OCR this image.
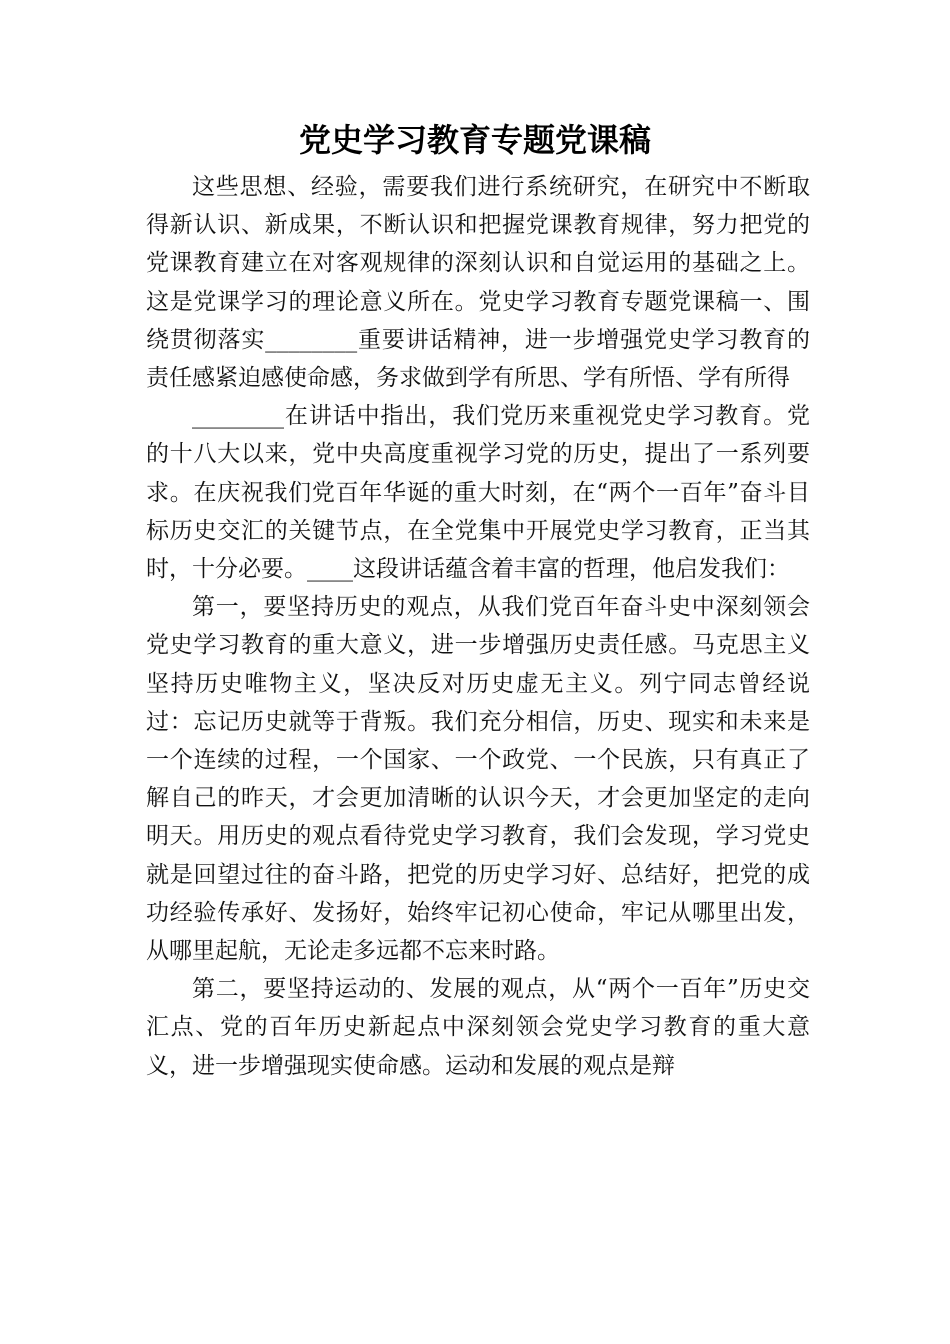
党史学习教育专题党课稿

这些思想、经验，需要我们进行系统研究，在研究中不断取得新认识、新成果，不断认识和把握党课教育规律，努力把党的党课教育建立在对客观规律的深刻认识和自觉运用的基础之上。这是党课学习的理论意义所在。党史学习教育专题党课稿一、围绕贯彻落实________重要讲话精神，进一步增强党史学习教育的责任感紧迫感使命感，务求做到学有所思、学有所悟、学有所得

________在讲话中指出，我们党历来重视党史学习教育。党的十八大以来，党中央高度重视学习党的历史，提出了一系列要求。在庆祝我们党百年华诞的重大时刻，在“两个一百年”奋斗目标历史交汇的关键节点，在全党集中开展党史学习教育，正当其时，十分必要。____这段讲话蕴含着丰富的哲理，他启发我们：

第一，要坚持历史的观点，从我们党百年奋斗史中深刻领会党史学习教育的重大意义，进一步增强历史责任感。马克思主义坚持历史唯物主义，坚决反对历史虚无主义。列宁同志曾经说过：忘记历史就等于背叛。我们充分相信，历史、现实和未来是一个连续的过程，一个国家、一个政党、一个民族，只有真正了解自己的昨天，才会更加清晰的认识今天，才会更加坚定的走向明天。用历史的观点看待党史学习教育，我们会发现，学习党史就是回望过往的奋斗路，把党的历史学习好、总结好，把党的成功经验传承好、发扬好，始终牢记初心使命，牢记从哪里出发，从哪里起航，无论走多远都不忘来时路。

第二，要坚持运动的、发展的观点，从“两个一百年”历史交汇点、党的百年历史新起点中深刻领会党史学习教育的重大意义，进一步增强现实使命感。运动和发展的观点是辩
